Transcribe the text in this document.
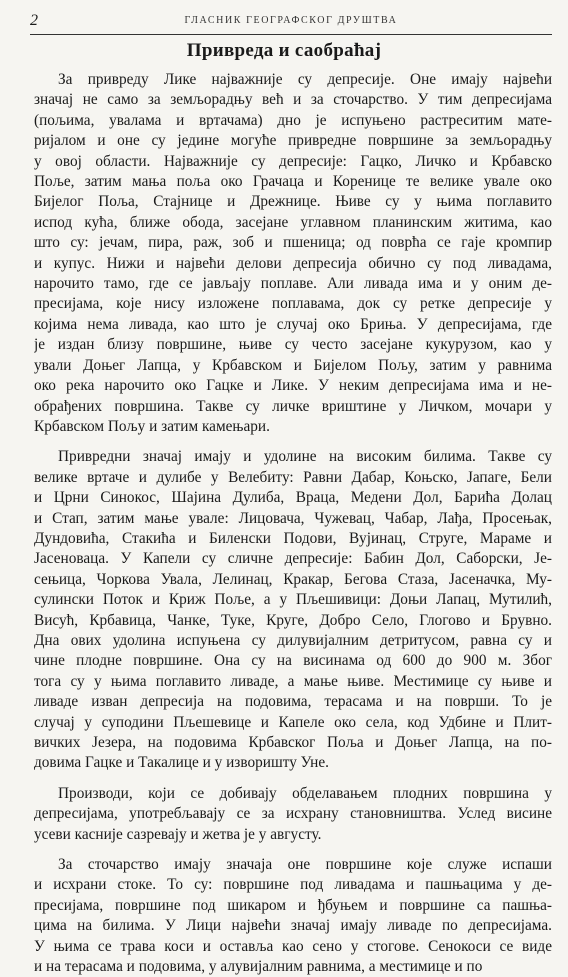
2	ГЛАСНИК ГЕОГРАФСКОГ ДРУШТВА
Привреда и саобраћај

За привреду Лике најважније су депресије. Оне имају највећи
значај не само за земљорадњу већ и за сточарство. У тим депресијама
(пољима, увалама и вртачама) дно је испуњено растреситим матe-
ријалом и оне су једине могуће привредне површине за земљорадњу
у овој области. Најважније су депресије: Гацко, Личко и Крбавско
Поље, затим мања поља око Грачаца и Коренице те велике увале око
Бијелог Поља, Стајнице и Дрежнице. Њиве су у њима поглавито
испод кућа, ближе обода, засејане углавном планинским житима, као
што су: јечам, пира, раж, зоб и пшеница; од поврћа се гаје кромпир
и купус. Нижи и највећи делови депресија обично су под ливадама,
нарочито тамо, где се јављају поплаве. Али ливада има и у оним де-
пресијама, које нису изложене поплавама, док су ретке депресије у
којима нема ливада, као што је случај око Бриња. У депресијама, где
је издан близу површине, њиве су често засејане кукурузом, као у
ували Доњег Лапца, у Крбавском и Бијелом Пољу, затим у равнима
око река нарочито око Гацке и Лике. У неким депресијама има и не-
обрађених површина. Такве су личке вриштине у Личком, мочари у
Крбавском Пољу и затим камењари.

Привредни значај имају и удолине на високим билима. Такве су
велике вртаче и дулибе у Велебиту: Равни Дабар, Коњско, Јапаге, Бели
и Црни Синокос, Шајина Дулиба, Враца, Медени Дол, Барића Долац
и Стап, затим мање увале: Лицовача, Чужевац, Чабар, Лађа, Просењак,
Дундовића, Стакића и Биленски Подови, Вујинац, Струге, Мараме и
Јасеноваца. У Капели су сличне депресије: Бабин Дол, Саборски, Је-
сењица, Чоркова Увала, Лелинац, Кракар, Беговa Стаза, Јасеначка, Му-
сулински Поток и Криж Поље, а у Пљешивици: Доњи Лапац, Мутилић,
Висућ, Крбавица, Чанке, Туке, Круге, Добро Село, Глогово и Брувно.
Дна ових удолина испуњена су дилувијалним детритусом, равна су и
чине плодне површине. Она су на висинама од 600 до 900 м. Због
тога су у њима поглавито ливаде, а мање њиве. Местимице су њиве и
ливаде изван депресија на подовима, терасама и на површи. То је
случај у суподини Пљешевице и Капеле око села, код Удбине и Плит-
вичких Језера, на подовима Крбавског Поља и Доњег Лапца, на по-
довима Гацке и Такалице и у изворишту Уне.

Производи, који се добивају обделавањем плодних површина у
депресијама, употребљавају се за исхрану становништва. Услед висине
усеви касније сазревају и жетва је у августу.

За сточарство имају значаја оне површине које служе испаши
и исхрани стоке. То су: површине под ливадама и пашњацима у де-
пресијама, површине под шикаром и ђбуњем и површине са пашња-
цима на билима. У Лици највећи значај имају ливаде по депресијама.
У њима се трава коси и оставља као сено у стогове. Сенокоси се виде
и на терасама и подовима, у алувијалним равнима, а местимице и по
